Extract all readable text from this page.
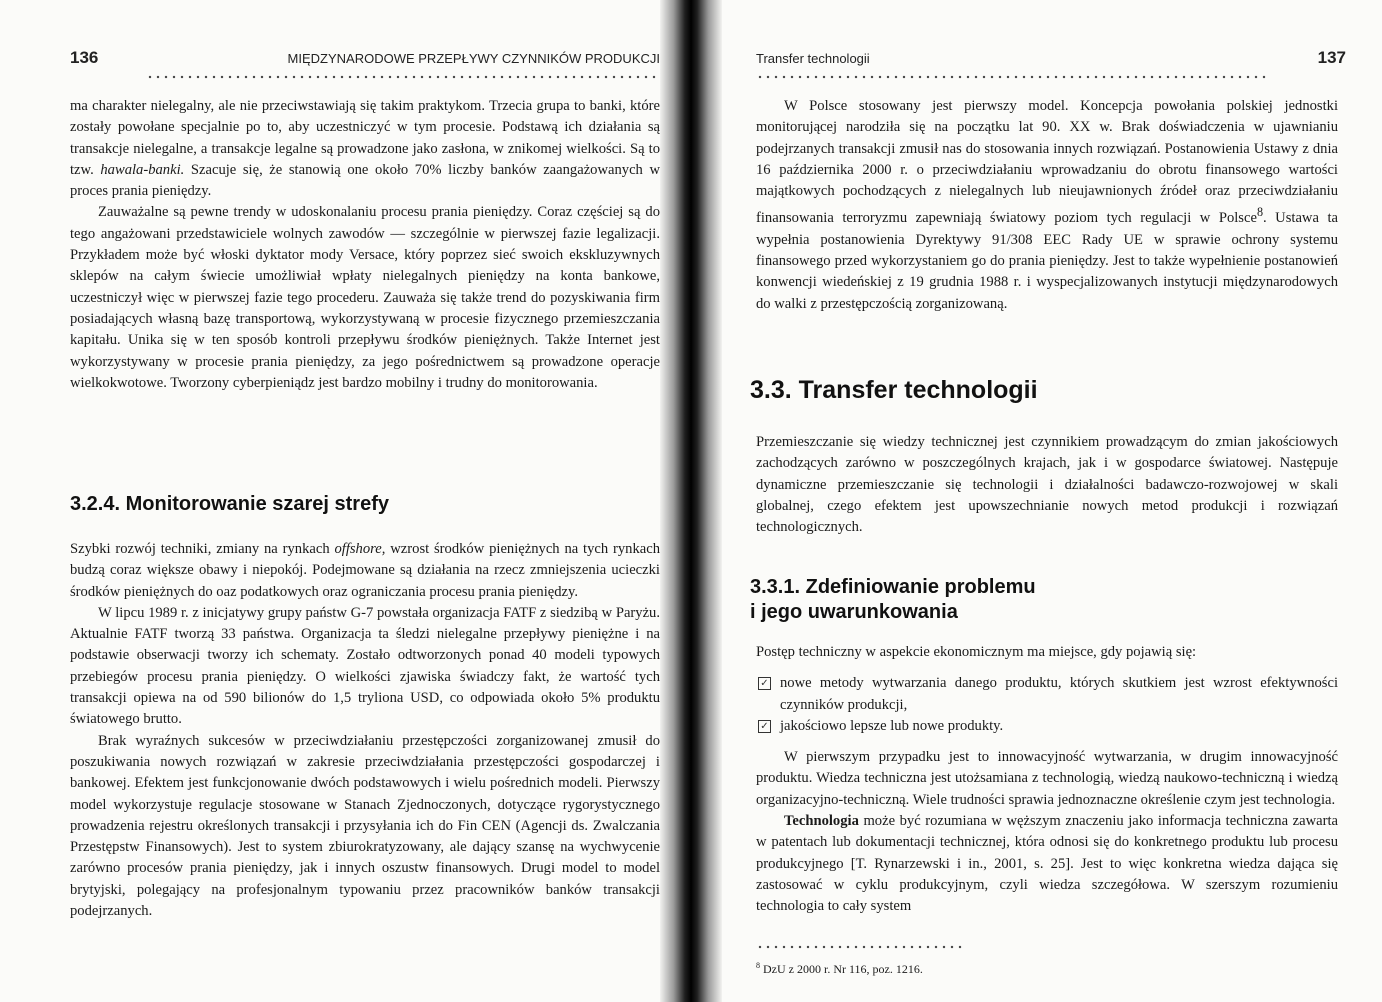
136	MIĘDZYNARODOWE PRZEPŁYWY CZYNNIKÓW PRODUKCJI

ma charakter nielegalny, ale nie przeciwstawiają się takim praktykom. Trzecia grupa to banki, które zostały powołane specjalnie po to, aby uczestniczyć w tym procesie. Podstawą ich działania są transakcje nielegalne, a transakcje legalne są prowadzone jako zasłona, w znikomej wielkości. Są to tzw. hawala-banki. Szacuje się, że stanowią one około 70% liczby banków zaangażowanych w proces prania pieniędzy.

Zauważalne są pewne trendy w udoskonalaniu procesu prania pieniędzy. Coraz częściej są do tego angażowani przedstawiciele wolnych zawodów — szczególnie w pierwszej fazie legalizacji. Przykładem może być włoski dyktator mody Versace, który poprzez sieć swoich ekskluzywnych sklepów na całym świecie umożliwiał wpłaty nielegalnych pieniędzy na konta bankowe, uczestniczył więc w pierwszej fazie tego procederu. Zauważa się także trend do pozyskiwania firm posiadających własną bazę transportową, wykorzystywaną w procesie fizycznego przemieszczania kapitału. Unika się w ten sposób kontroli przepływu środków pieniężnych. Także Internet jest wykorzystywany w procesie prania pieniędzy, za jego pośrednictwem są prowadzone operacje wielkokwotowe. Tworzony cyberpieniądz jest bardzo mobilny i trudny do monitorowania.

3.2.4. Monitorowanie szarej strefy

Szybki rozwój techniki, zmiany na rynkach offshore, wzrost środków pieniężnych na tych rynkach budzą coraz większe obawy i niepokój. Podejmowane są działania na rzecz zmniejszenia ucieczki środków pieniężnych do oaz podatkowych oraz ograniczania procesu prania pieniędzy.

W lipcu 1989 r. z inicjatywy grupy państw G-7 powstała organizacja FATF z siedzibą w Paryżu. Aktualnie FATF tworzą 33 państwa. Organizacja ta śledzi nielegalne przepływy pieniężne i na podstawie obserwacji tworzy ich schematy. Zostało odtworzonych ponad 40 modeli typowych przebiegów procesu prania pieniędzy. O wielkości zjawiska świadczy fakt, że wartość tych transakcji opiewa na od 590 bilionów do 1,5 tryliona USD, co odpowiada około 5% produktu światowego brutto.

Brak wyraźnych sukcesów w przeciwdziałaniu przestępczości zorganizowanej zmusił do poszukiwania nowych rozwiązań w zakresie przeciwdziałania przestępczości gospodarczej i bankowej. Efektem jest funkcjonowanie dwóch podstawowych i wielu pośrednich modeli. Pierwszy model wykorzystuje regulacje stosowane w Stanach Zjednoczonych, dotyczące rygorystycznego prowadzenia rejestru określonych transakcji i przysyłania ich do Fin CEN (Agencji ds. Zwalczania Przestępstw Finansowych). Jest to system zbiurokratyzowany, ale dający szansę na wychwycenie zarówno procesów prania pieniędzy, jak i innych oszustw finansowych. Drugi model to model brytyjski, polegający na profesjonalnym typowaniu przez pracowników banków transakcji podejrzanych.

Transfer technologii	137

W Polsce stosowany jest pierwszy model. Koncepcja powołania polskiej jednostki monitorującej narodziła się na początku lat 90. XX w. Brak doświadczenia w ujawnianiu podejrzanych transakcji zmusił nas do stosowania innych rozwiązań. Postanowienia Ustawy z dnia 16 października 2000 r. o przeciwdziałaniu wprowadzaniu do obrotu finansowego wartości majątkowych pochodzących z nielegalnych lub nieujawnionych źródeł oraz przeciwdziałaniu finansowania terroryzmu zapewniają światowy poziom tych regulacji w Polsce$^8$. Ustawa ta wypełnia postanowienia Dyrektywy 91/308 EEC Rady UE w sprawie ochrony systemu finansowego przed wykorzystaniem go do prania pieniędzy. Jest to także wypełnienie postanowień konwencji wiedeńskiej z 19 grudnia 1988 r. i wyspecjalizowanych instytucji międzynarodowych do walki z przestępczością zorganizowaną.

3.3. Transfer technologii

Przemieszczanie się wiedzy technicznej jest czynnikiem prowadzącym do zmian jakościowych zachodzących zarówno w poszczególnych krajach, jak i w gospodarce światowej. Następuje dynamiczne przemieszczanie się technologii i działalności badawczo-rozwojowej w skali globalnej, czego efektem jest upowszechnianie nowych metod produkcji i rozwiązań technologicznych.

3.3.1. Zdefiniowanie problemu
i jego uwarunkowania

Postęp techniczny w aspekcie ekonomicznym ma miejsce, gdy pojawią się:

✓ nowe metody wytwarzania danego produktu, których skutkiem jest wzrost efektywności czynników produkcji,
✓ jakościowo lepsze lub nowe produkty.

W pierwszym przypadku jest to innowacyjność wytwarzania, w drugim innowacyjność produktu. Wiedza techniczna jest utożsamiana z technologią, wiedzą naukowo-techniczną i wiedzą organizacyjno-techniczną. Wiele trudności sprawia jednoznaczne określenie czym jest technologia.

Technologia może być rozumiana w węższym znaczeniu jako informacja techniczna zawarta w patentach lub dokumentacji technicznej, która odnosi się do konkretnego produktu lub procesu produkcyjnego [T. Rynarzewski i in., 2001, s. 25]. Jest to więc konkretna wiedza dająca się zastosować w cyklu produkcyjnym, czyli wiedza szczegółowa. W szerszym rozumieniu technologia to cały system

$^8$ DzU z 2000 r. Nr 116, poz. 1216.
